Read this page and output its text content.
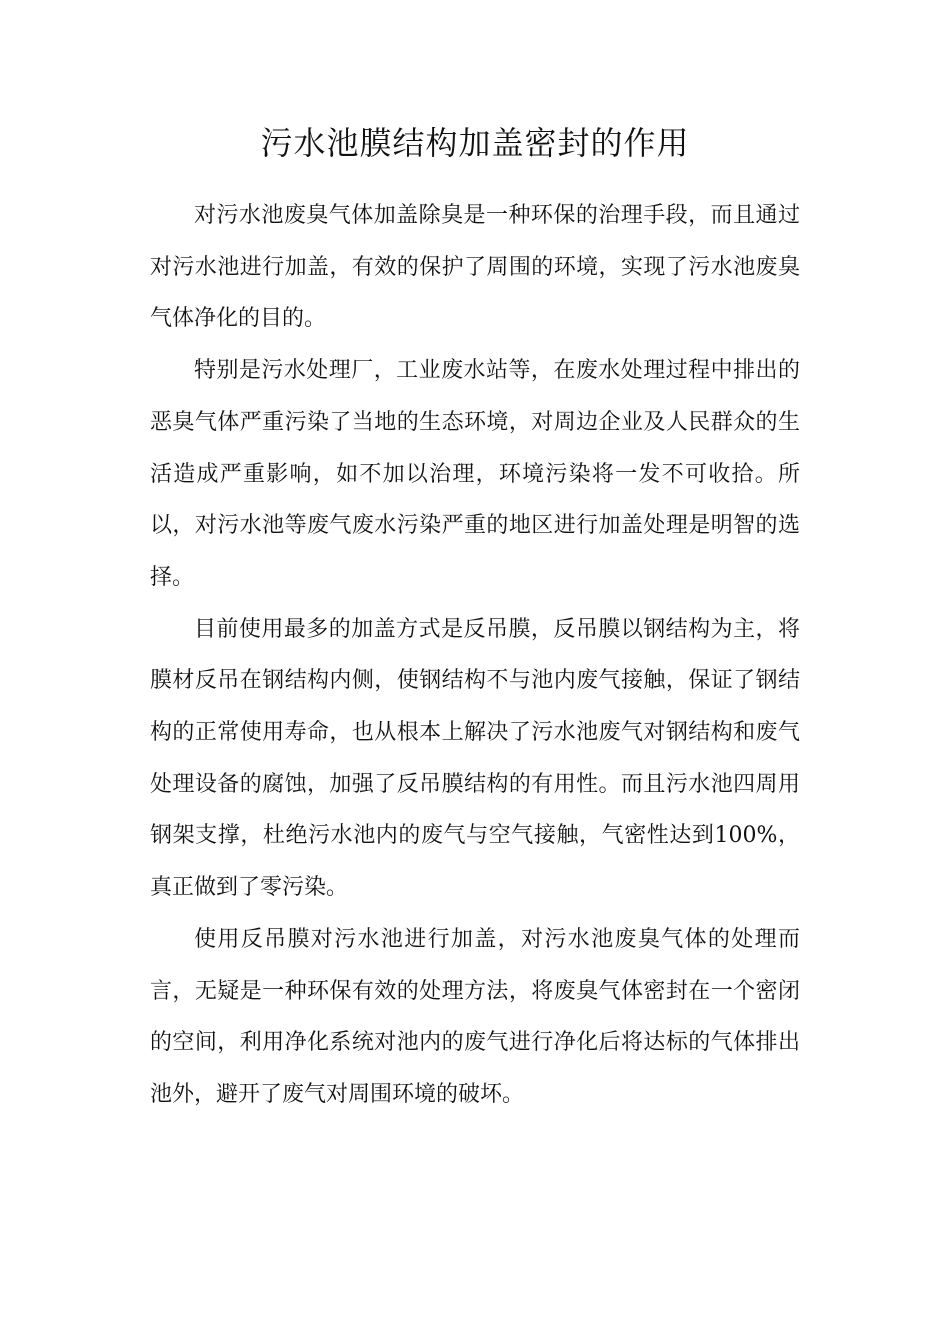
污水池膜结构加盖密封的作用

对污水池废臭气体加盖除臭是一种环保的治理手段，而且通过对污水池进行加盖，有效的保护了周围的环境，实现了污水池废臭气体净化的目的。

特别是污水处理厂，工业废水站等，在废水处理过程中排出的恶臭气体严重污染了当地的生态环境，对周边企业及人民群众的生活造成严重影响，如不加以治理，环境污染将一发不可收拾。所以，对污水池等废气废水污染严重的地区进行加盖处理是明智的选择。

目前使用最多的加盖方式是反吊膜，反吊膜以钢结构为主，将膜材反吊在钢结构内侧，使钢结构不与池内废气接触，保证了钢结构的正常使用寿命，也从根本上解决了污水池废气对钢结构和废气处理设备的腐蚀，加强了反吊膜结构的有用性。而且污水池四周用钢架支撑，杜绝污水池内的废气与空气接触，气密性达到100%，真正做到了零污染。

使用反吊膜对污水池进行加盖，对污水池废臭气体的处理而言，无疑是一种环保有效的处理方法，将废臭气体密封在一个密闭的空间，利用净化系统对池内的废气进行净化后将达标的气体排出池外，避开了废气对周围环境的破坏。
